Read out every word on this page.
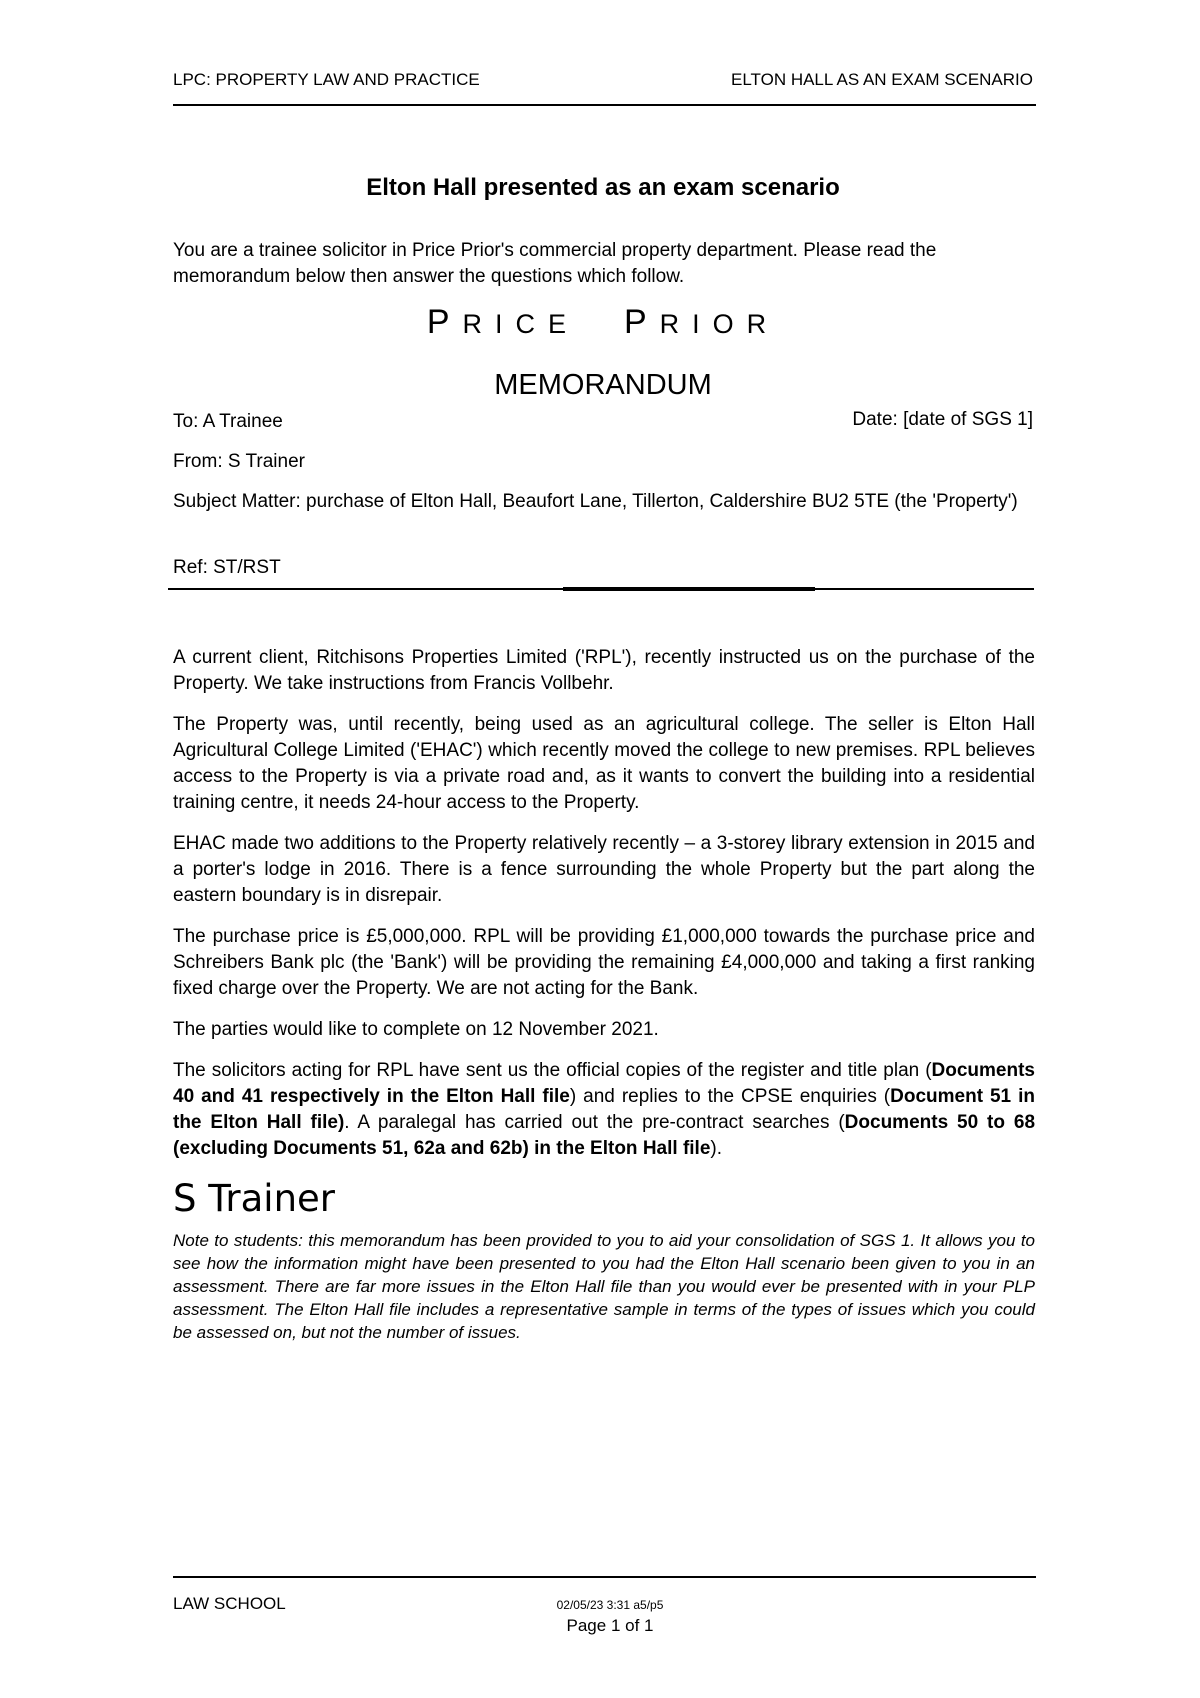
LPC: PROPERTY LAW AND PRACTICE	ELTON HALL AS AN EXAM SCENARIO
Elton Hall presented as an exam scenario
You are a trainee solicitor in Price Prior's commercial property department. Please read the memorandum below then answer the questions which follow.
PRICE PRIOR
MEMORANDUM
To: A Trainee	Date: [date of SGS 1]
From: S Trainer
Subject Matter: purchase of Elton Hall, Beaufort Lane, Tillerton, Caldershire BU2 5TE (the 'Property')
Ref: ST/RST

A current client, Ritchisons Properties Limited ('RPL'), recently instructed us on the purchase of the Property. We take instructions from Francis Vollbehr.

The Property was, until recently, being used as an agricultural college. The seller is Elton Hall Agricultural College Limited ('EHAC') which recently moved the college to new premises. RPL believes access to the Property is via a private road and, as it wants to convert the building into a residential training centre, it needs 24-hour access to the Property.

EHAC made two additions to the Property relatively recently – a 3-storey library extension in 2015 and a porter's lodge in 2016. There is a fence surrounding the whole Property but the part along the eastern boundary is in disrepair.

The purchase price is £5,000,000. RPL will be providing £1,000,000 towards the purchase price and Schreibers Bank plc (the 'Bank') will be providing the remaining £4,000,000 and taking a first ranking fixed charge over the Property. We are not acting for the Bank.

The parties would like to complete on 12 November 2021.

The solicitors acting for RPL have sent us the official copies of the register and title plan (Documents 40 and 41 respectively in the Elton Hall file) and replies to the CPSE enquiries (Document 51 in the Elton Hall file). A paralegal has carried out the pre-contract searches (Documents 50 to 68 (excluding Documents 51, 62a and 62b) in the Elton Hall file).

S Trainer
Note to students: this memorandum has been provided to you to aid your consolidation of SGS 1. It allows you to see how the information might have been presented to you had the Elton Hall scenario been given to you in an assessment. There are far more issues in the Elton Hall file than you would ever be presented with in your PLP assessment. The Elton Hall file includes a representative sample in terms of the types of issues which you could be assessed on, but not the number of issues.
LAW SCHOOL	02/05/23 3:31 a5/p5
Page 1 of 1
